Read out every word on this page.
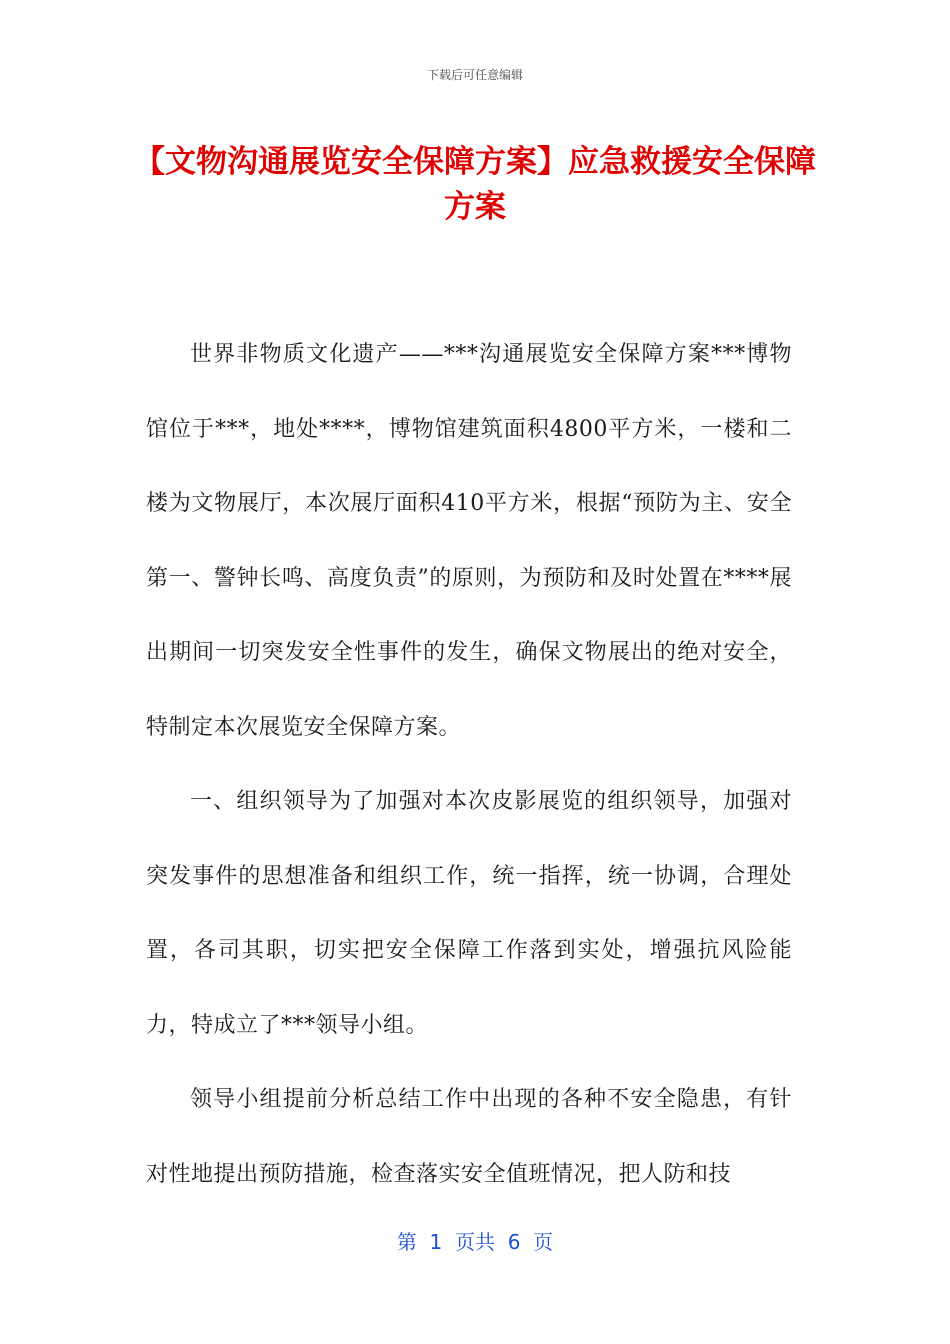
下载后可任意编辑
【文物沟通展览安全保障方案】应急救援安全保障方案

世界非物质文化遗产——***沟通展览安全保障方案***博物馆位于***，地处****，博物馆建筑面积4800平方米，一楼和二楼为文物展厅，本次展厅面积410平方米，根据“预防为主、安全第一、警钟长鸣、高度负责”的原则，为预防和及时处置在****展出期间一切突发安全性事件的发生，确保文物展出的绝对安全，特制定本次展览安全保障方案。

一、组织领导为了加强对本次皮影展览的组织领导，加强对突发事件的思想准备和组织工作，统一指挥，统一协调，合理处置，各司其职，切实把安全保障工作落到实处，增强抗风险能力，特成立了***领导小组。

领导小组提前分析总结工作中出现的各种不安全隐患，有针对性地提出预防措施，检查落实安全值班情况，把人防和技

第  1  页共  6  页
